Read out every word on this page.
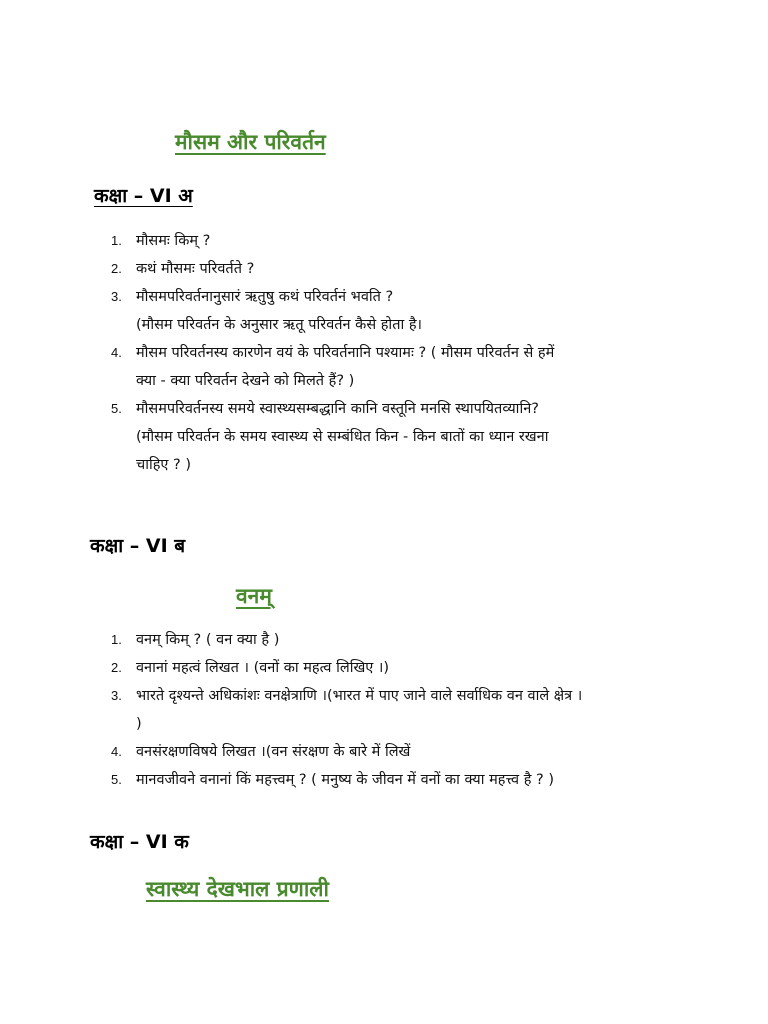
मौसम और परिवर्तन
कक्षा – VI अ
1. मौसमः किम् ?
2. कथं मौसमः परिवर्तते ?
3. मौसमपरिवर्तनानुसारं ऋतुषु कथं परिवर्तनं भवति ?
(मौसम परिवर्तन के अनुसार ऋतू परिवर्तन कैसे होता है।
4. मौसम परिवर्तनस्य कारणेन वयं के परिवर्तनानि पश्यामः ? ( मौसम परिवर्तन से हमें
क्या - क्या परिवर्तन देखने को मिलते हैं? )
5. मौसमपरिवर्तनस्य समये स्वास्थ्यसम्बद्धानि कानि वस्तूनि मनसि स्थापयितव्यानि?
(मौसम परिवर्तन के समय स्वास्थ्य से सम्बंधित किन - किन बातों का ध्यान रखना
चाहिए ? )
कक्षा – VI ब
वनम्
1. वनम् किम् ? ( वन क्या है )
2. वनानां महत्वं लिखत । (वनों का महत्व लिखिए ।)
3. भारते दृश्यन्ते अधिकांशः वनक्षेत्राणि ।(भारत में पाए जाने वाले सर्वाधिक वन वाले क्षेत्र ।
)
4. वनसंरक्षणविषये लिखत ।(वन संरक्षण के बारे में लिखें
5. मानवजीवने वनानां किं महत्त्वम् ? ( मनुष्य के जीवन में वनों का क्या महत्त्व है ? )
कक्षा – VI क
स्वास्थ्य देखभाल प्रणाली
